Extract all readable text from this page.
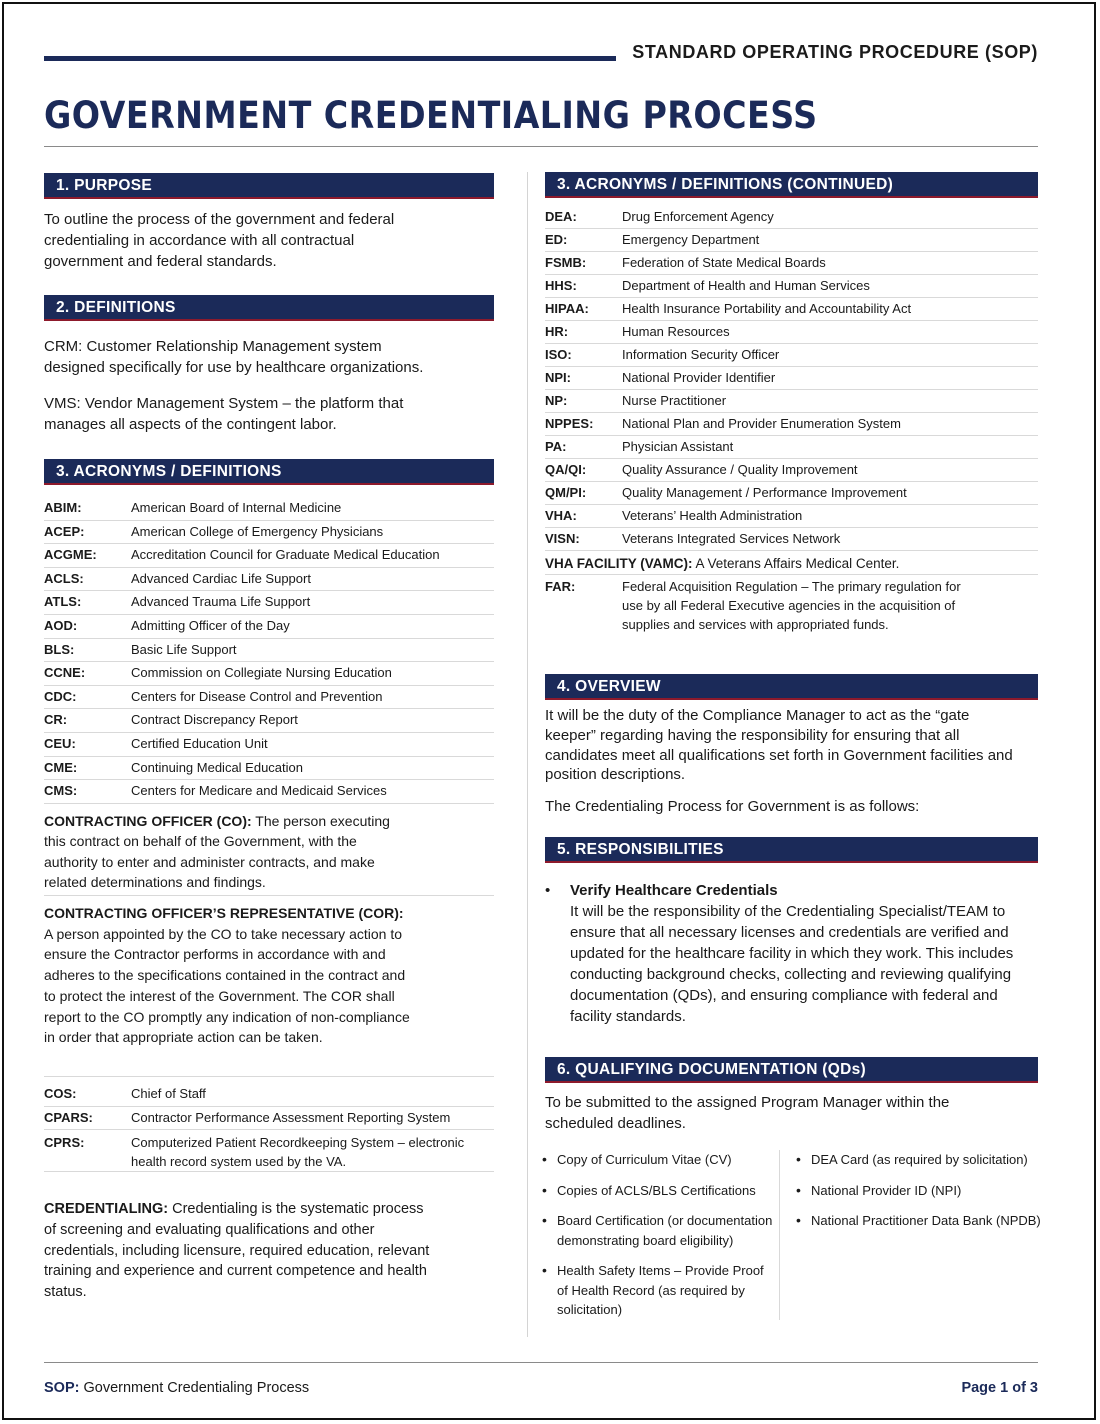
STANDARD OPERATING PROCEDURE (SOP)
GOVERNMENT CREDENTIALING PROCESS
1. PURPOSE
To outline the process of the government and federal credentialing in accordance with all contractual government and federal standards.
2. DEFINITIONS
CRM: Customer Relationship Management system designed specifically for use by healthcare organizations.
VMS: Vendor Management System – the platform that manages all aspects of the contingent labor.
3. ACRONYMS / DEFINITIONS
ABIM:	American Board of Internal Medicine
ACEP:	American College of Emergency Physicians
ACGME:	Accreditation Council for Graduate Medical Education
ACLS:	Advanced Cardiac Life Support
ATLS:	Advanced Trauma Life Support
AOD:	Admitting Officer of the Day
BLS:	Basic Life Support
CCNE:	Commission on Collegiate Nursing Education
CDC:	Centers for Disease Control and Prevention
CR:	Contract Discrepancy Report
CEU:	Certified Education Unit
CME:	Continuing Medical Education
CMS:	Centers for Medicare and Medicaid Services
CONTRACTING OFFICER (CO): The person executing this contract on behalf of the Government, with the authority to enter and administer contracts, and make related determinations and findings.
CONTRACTING OFFICER’S REPRESENTATIVE (COR):
A person appointed by the CO to take necessary action to ensure the Contractor performs in accordance with and adheres to the specifications contained in the contract and to protect the interest of the Government. The COR shall report to the CO promptly any indication of non-compliance in order that appropriate action can be taken.
COS:	Chief of Staff
CPARS:	Contractor Performance Assessment Reporting System
CPRS:	Computerized Patient Recordkeeping System – electronic health record system used by the VA.
CREDENTIALING: Credentialing is the systematic process of screening and evaluating qualifications and other credentials, including licensure, required education, relevant training and experience and current competence and health status.
3. ACRONYMS / DEFINITIONS (CONTINUED)
DEA:	Drug Enforcement Agency
ED:	Emergency Department
FSMB:	Federation of State Medical Boards
HHS:	Department of Health and Human Services
HIPAA:	Health Insurance Portability and Accountability Act
HR:	Human Resources
ISO:	Information Security Officer
NPI:	National Provider Identifier
NP:	Nurse Practitioner
NPPES:	National Plan and Provider Enumeration System
PA:	Physician Assistant
QA/QI:	Quality Assurance / Quality Improvement
QM/PI:	Quality Management / Performance Improvement
VHA:	Veterans’ Health Administration
VISN:	Veterans Integrated Services Network
VHA FACILITY (VAMC): A Veterans Affairs Medical Center.
FAR:	Federal Acquisition Regulation – The primary regulation for use by all Federal Executive agencies in the acquisition of supplies and services with appropriated funds.
4. OVERVIEW
It will be the duty of the Compliance Manager to act as the “gate keeper” regarding having the responsibility for ensuring that all candidates meet all qualifications set forth in Government facilities and position descriptions.
The Credentialing Process for Government is as follows:
5. RESPONSIBILITIES
• Verify Healthcare Credentials
It will be the responsibility of the Credentialing Specialist/TEAM to ensure that all necessary licenses and credentials are verified and updated for the healthcare facility in which they work. This includes conducting background checks, collecting and reviewing qualifying documentation (QDs), and ensuring compliance with federal and facility standards.
6. QUALIFYING DOCUMENTATION (QDs)
To be submitted to the assigned Program Manager within the scheduled deadlines.
• Copy of Curriculum Vitae (CV)
• Copies of ACLS/BLS Certifications
• Board Certification (or documentation demonstrating board eligibility)
• Health Safety Items – Provide Proof of Health Record (as required by solicitation)
• DEA Card (as required by solicitation)
• National Provider ID (NPI)
• National Practitioner Data Bank (NPDB)
SOP: Government Credentialing Process	Page 1 of 3
